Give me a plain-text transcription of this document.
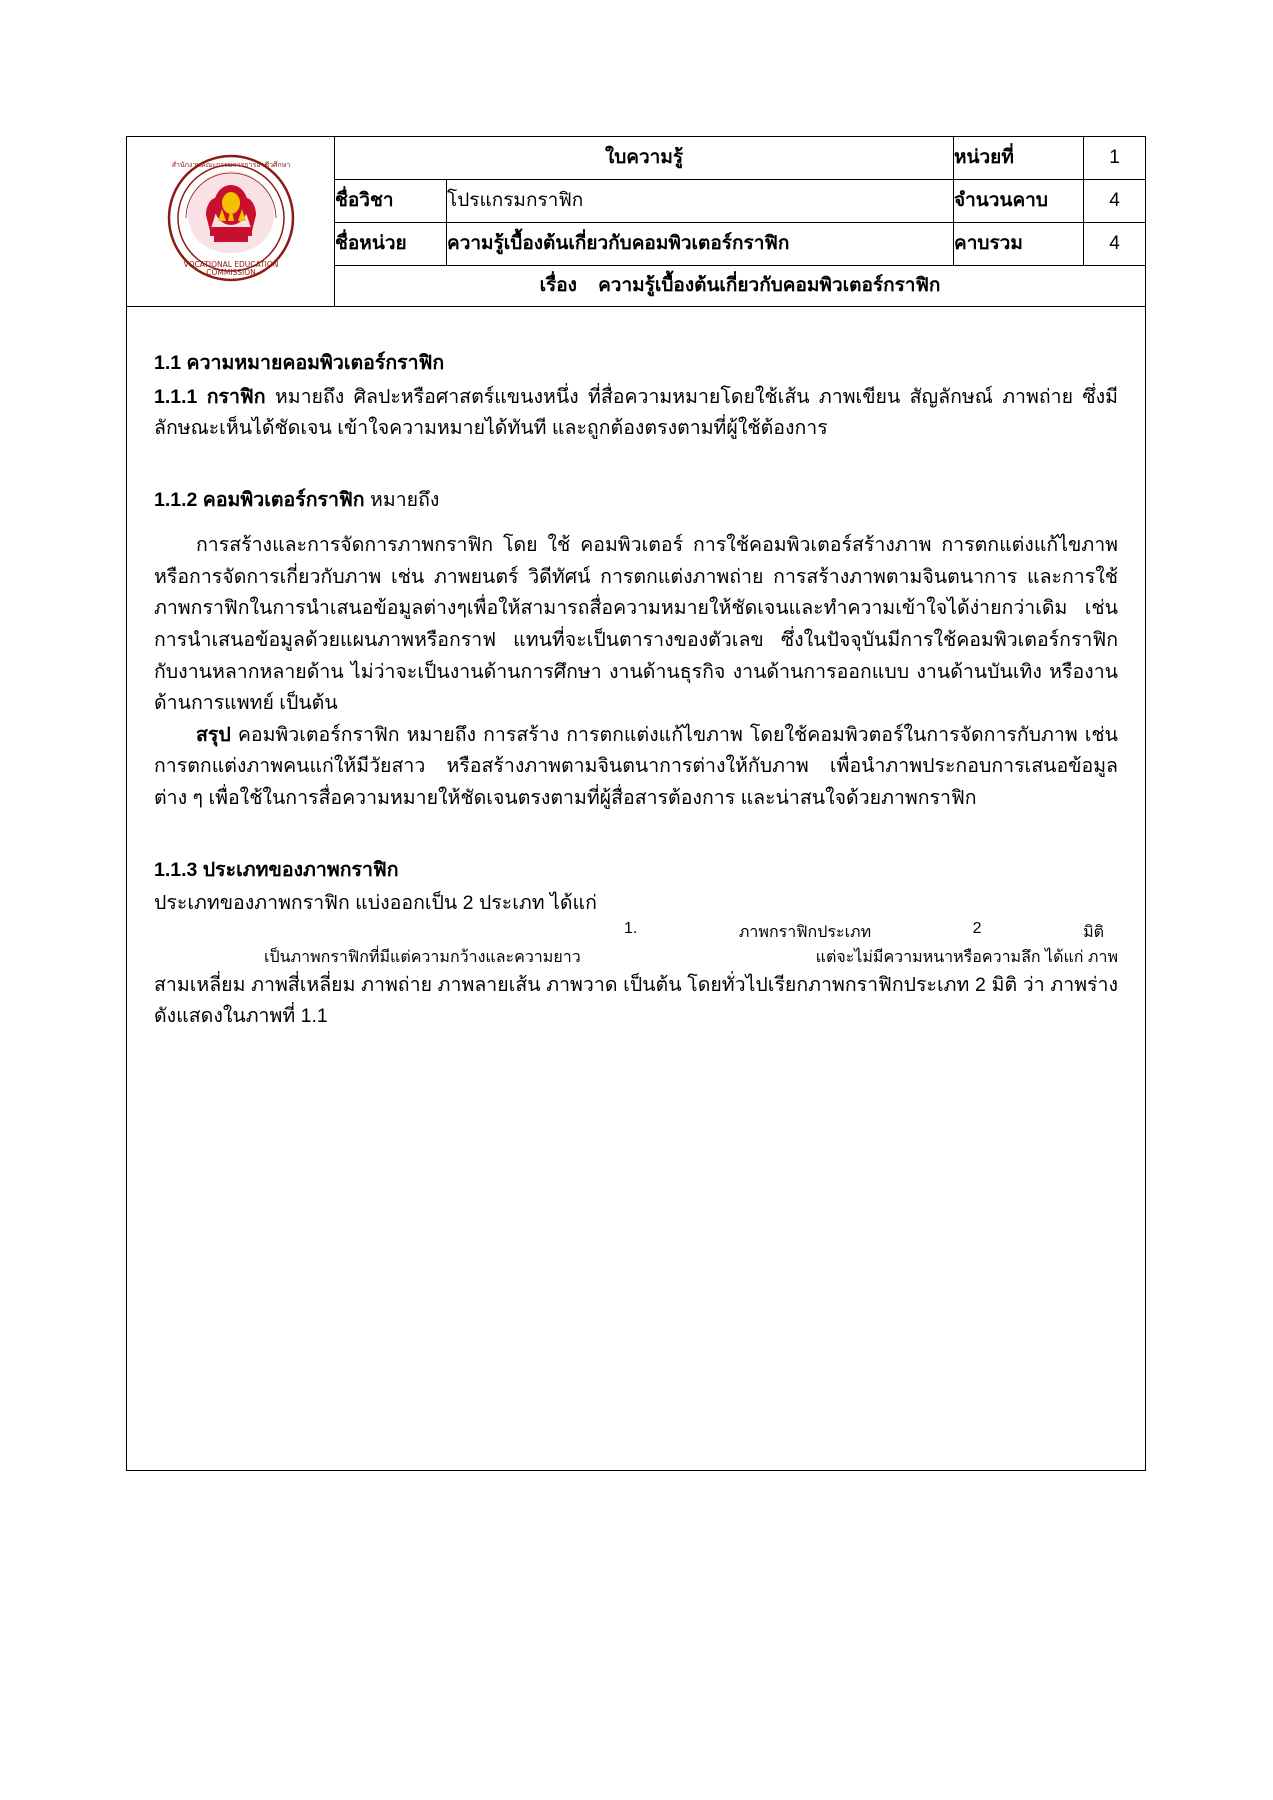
VOCATIONAL EDUCATION
COMMISSION
สำนักงานคณะกรรมการการอาชีวศึกษา	ใบความรู้		หน่วยที่	1
	ชื่อวิชา	โปรแกรมกราฟิก	จำนวนคาบ	4
	ชื่อหน่วย	ความรู้เบื้องต้นเกี่ยวกับคอมพิวเตอร์กราฟิก	คาบรวม	4
	เรื่อง ความรู้เบื้องต้นเกี่ยวกับคอมพิวเตอร์กราฟิก			

1.1 ความหมายคอมพิวเตอร์กราฟิก

1.1.1 กราฟิก หมายถึง ศิลปะหรือศาสตร์แขนงหนึ่ง ที่สื่อความหมายโดยใช้เส้น ภาพเขียน สัญลักษณ์ ภาพถ่าย ซึ่งมีลักษณะเห็นได้ชัดเจน เข้าใจความหมายได้ทันที และถูกต้องตรงตามที่ผู้ใช้ต้องการ

1.1.2 คอมพิวเตอร์กราฟิก หมายถึง

การสร้างและการจัดการภาพกราฟิก โดย ใช้ คอมพิวเตอร์ การใช้คอมพิวเตอร์สร้างภาพ การตกแต่งแก้ไขภาพ หรือการจัดการเกี่ยวกับภาพ เช่น ภาพยนตร์ วิดีทัศน์ การตกแต่งภาพถ่าย การสร้างภาพตามจินตนาการ และการใช้ภาพกราฟิกในการนำเสนอข้อมูลต่างๆเพื่อให้สามารถสื่อความหมายให้ชัดเจนและทำความเข้าใจได้ง่ายกว่าเดิม เช่น การนำเสนอข้อมูลด้วยแผนภาพหรือกราฟ แทนที่จะเป็นตารางของตัวเลข ซึ่งในปัจจุบันมีการใช้คอมพิวเตอร์กราฟิกกับงานหลากหลายด้าน ไม่ว่าจะเป็นงานด้านการศึกษา งานด้านธุรกิจ งานด้านการออกแบบ งานด้านบันเทิง หรืองานด้านการแพทย์ เป็นต้น

สรุป คอมพิวเตอร์กราฟิก หมายถึง การสร้าง การตกแต่งแก้ไขภาพ โดยใช้คอมพิวตอร์ในการจัดการกับภาพ เช่น การตกแต่งภาพคนแก่ให้มีวัยสาว หรือสร้างภาพตามจินตนาการต่างให้กับภาพ เพื่อนำภาพประกอบการเสนอข้อมูลต่าง ๆ เพื่อใช้ในการสื่อความหมายให้ชัดเจนตรงตามที่ผู้สื่อสารต้องการ และน่าสนใจด้วยภาพกราฟิก

1.1.3 ประเภทของภาพกราฟิก

ประเภทของภาพกราฟิก แบ่งออกเป็น 2 ประเภท ได้แก่

1.	ภาพกราฟิกประเภท	2	มิติ
เป็นภาพกราฟิกที่มีแต่ความกว้างและความยาว	แต่จะไม่มีความหนาหรือความลึก ได้แก่ ภาพ

สามเหลี่ยม ภาพสี่เหลี่ยม ภาพถ่าย ภาพลายเส้น ภาพวาด เป็นต้น โดยทั่วไปเรียกภาพกราฟิกประเภท 2 มิติ ว่า ภาพร่าง ดังแสดงในภาพที่ 1.1
